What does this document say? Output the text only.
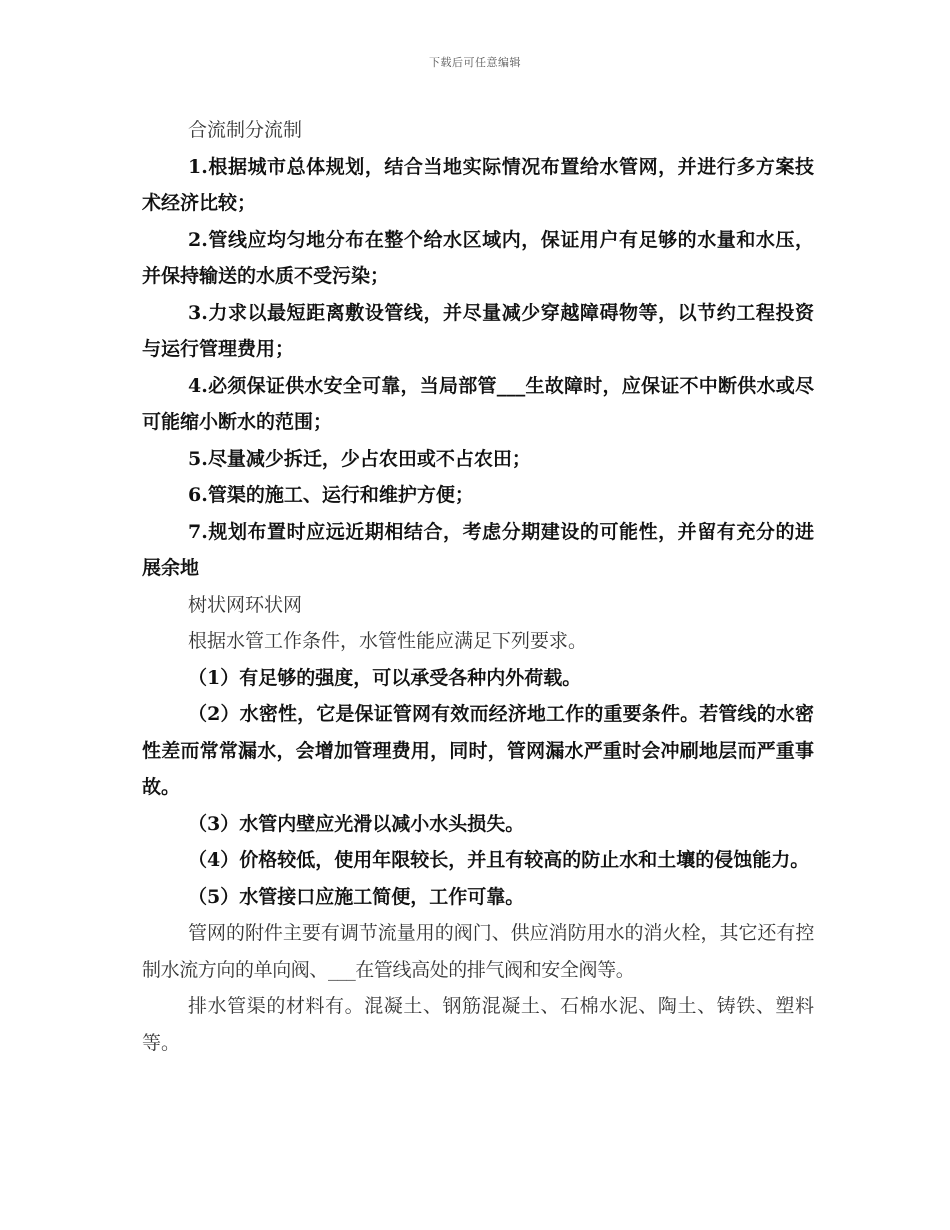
下载后可任意编辑

合流制分流制

1.根据城市总体规划，结合当地实际情况布置给水管网，并进行多方案技术经济比较；

2.管线应均匀地分布在整个给水区域内，保证用户有足够的水量和水压，并保持输送的水质不受污染；

3.力求以最短距离敷设管线，并尽量减少穿越障碍物等，以节约工程投资与运行管理费用；

4.必须保证供水安全可靠，当局部管___生故障时，应保证不中断供水或尽可能缩小断水的范围；

5.尽量减少拆迁，少占农田或不占农田；

6.管渠的施工、运行和维护方便；

7.规划布置时应远近期相结合，考虑分期建设的可能性，并留有充分的进展余地

树状网环状网

根据水管工作条件，水管性能应满足下列要求。

（1）有足够的强度，可以承受各种内外荷载。

（2）水密性，它是保证管网有效而经济地工作的重要条件。若管线的水密性差而常常漏水，会增加管理费用，同时，管网漏水严重时会冲刷地层而严重事故。

（3）水管内壁应光滑以减小水头损失。

（4）价格较低，使用年限较长，并且有较高的防止水和土壤的侵蚀能力。

（5）水管接口应施工简便，工作可靠。

管网的附件主要有调节流量用的阀门、供应消防用水的消火栓，其它还有控制水流方向的单向阀、___在管线高处的排气阀和安全阀等。

排水管渠的材料有。混凝土、钢筋混凝土、石棉水泥、陶土、铸铁、塑料等。
